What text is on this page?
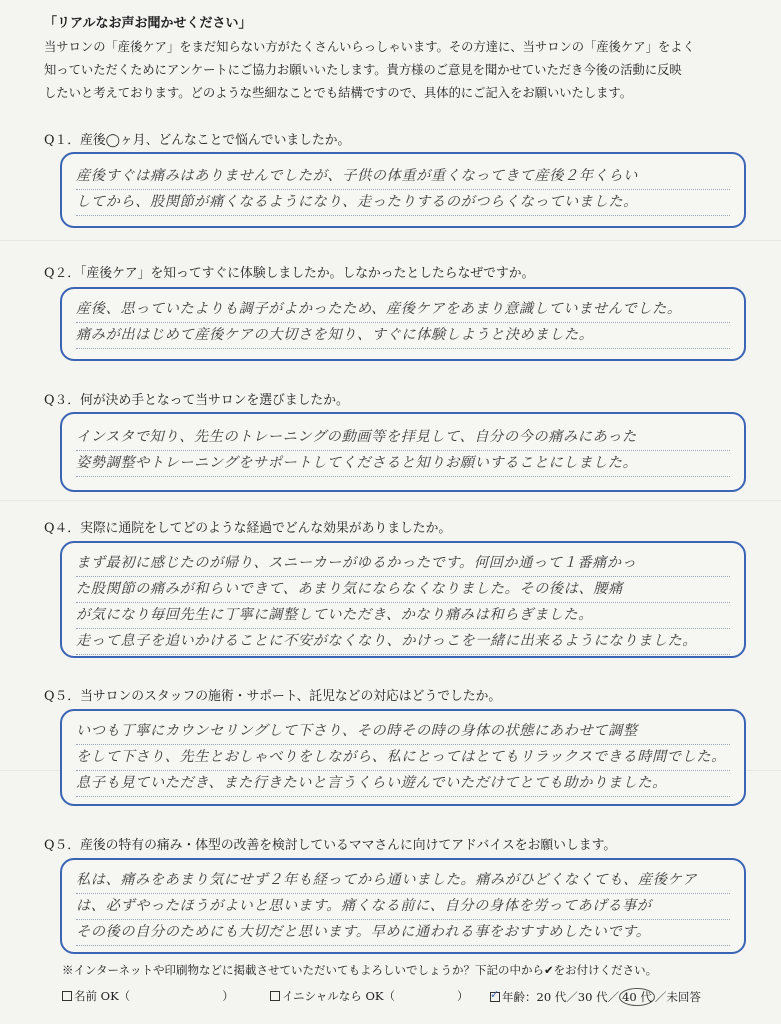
「リアルなお声お聞かせください」
当サロンの「産後ケア」をまだ知らない方がたくさんいらっしゃいます。その方達に、当サロンの「産後ケア」をよく
知っていただくためにアンケートにご協力お願いいたします。貴方様のご意見を聞かせていただき今後の活動に反映
したいと考えております。どのような些細なことでも結構ですので、具体的にご記入をお願いいたします。
Q１．産後◯ヶ月、どんなことで悩んでいましたか。
産後すぐは痛みはありませんでしたが、子供の体重が重くなってきて産後２年くらい
してから、股関節が痛くなるようになり、走ったりするのがつらくなっていました。
Q２．「産後ケア」を知ってすぐに体験しましたか。しなかったとしたらなぜですか。
産後、思っていたよりも調子がよかったため、産後ケアをあまり意識していませんでした。
痛みが出はじめて産後ケアの大切さを知り、すぐに体験しようと決めました。
Q３．何が決め手となって当サロンを選びましたか。
インスタで知り、先生のトレーニングの動画等を拝見して、自分の今の痛みにあった
姿勢調整やトレーニングをサポートしてくださると知りお願いすることにしました。
Q４．実際に通院をしてどのような経過でどんな効果がありましたか。
まず最初に感じたのが帰り、スニーカーがゆるかったです。何回か通って１番痛かっ
た股関節の痛みが和らいできて、あまり気にならなくなりました。その後は、腰痛
が気になり毎回先生に丁寧に調整していただき、かなり痛みは和らぎました。
走って息子を追いかけることに不安がなくなり、かけっこを一緒に出来るようになりました。
Q５．当サロンのスタッフの施術・サポート、託児などの対応はどうでしたか。
いつも丁寧にカウンセリングして下さり、その時その時の身体の状態にあわせて調整
をして下さり、先生とおしゃべりをしながら、私にとってはとてもリラックスできる時間でした。
息子も見ていただき、また行きたいと言うくらい遊んでいただけてとても助かりました。
Q５．産後の特有の痛み・体型の改善を検討しているママさんに向けてアドバイスをお願いします。
私は、痛みをあまり気にせず２年も経ってから通いました。痛みがひどくなくても、産後ケア
は、必ずやったほうがよいと思います。痛くなる前に、自分の身体を労ってあげる事が
その後の自分のためにも大切だと思います。早めに通われる事をおすすめしたいです。
※インターネットや印刷物などに掲載させていただいてもよろしいでしょうか？下記の中から✔をお付けください。
名前 OK（	）	イニシャルなら OK（	）
✓	年齢：20 代／30 代／ 40 代 ／未回答
